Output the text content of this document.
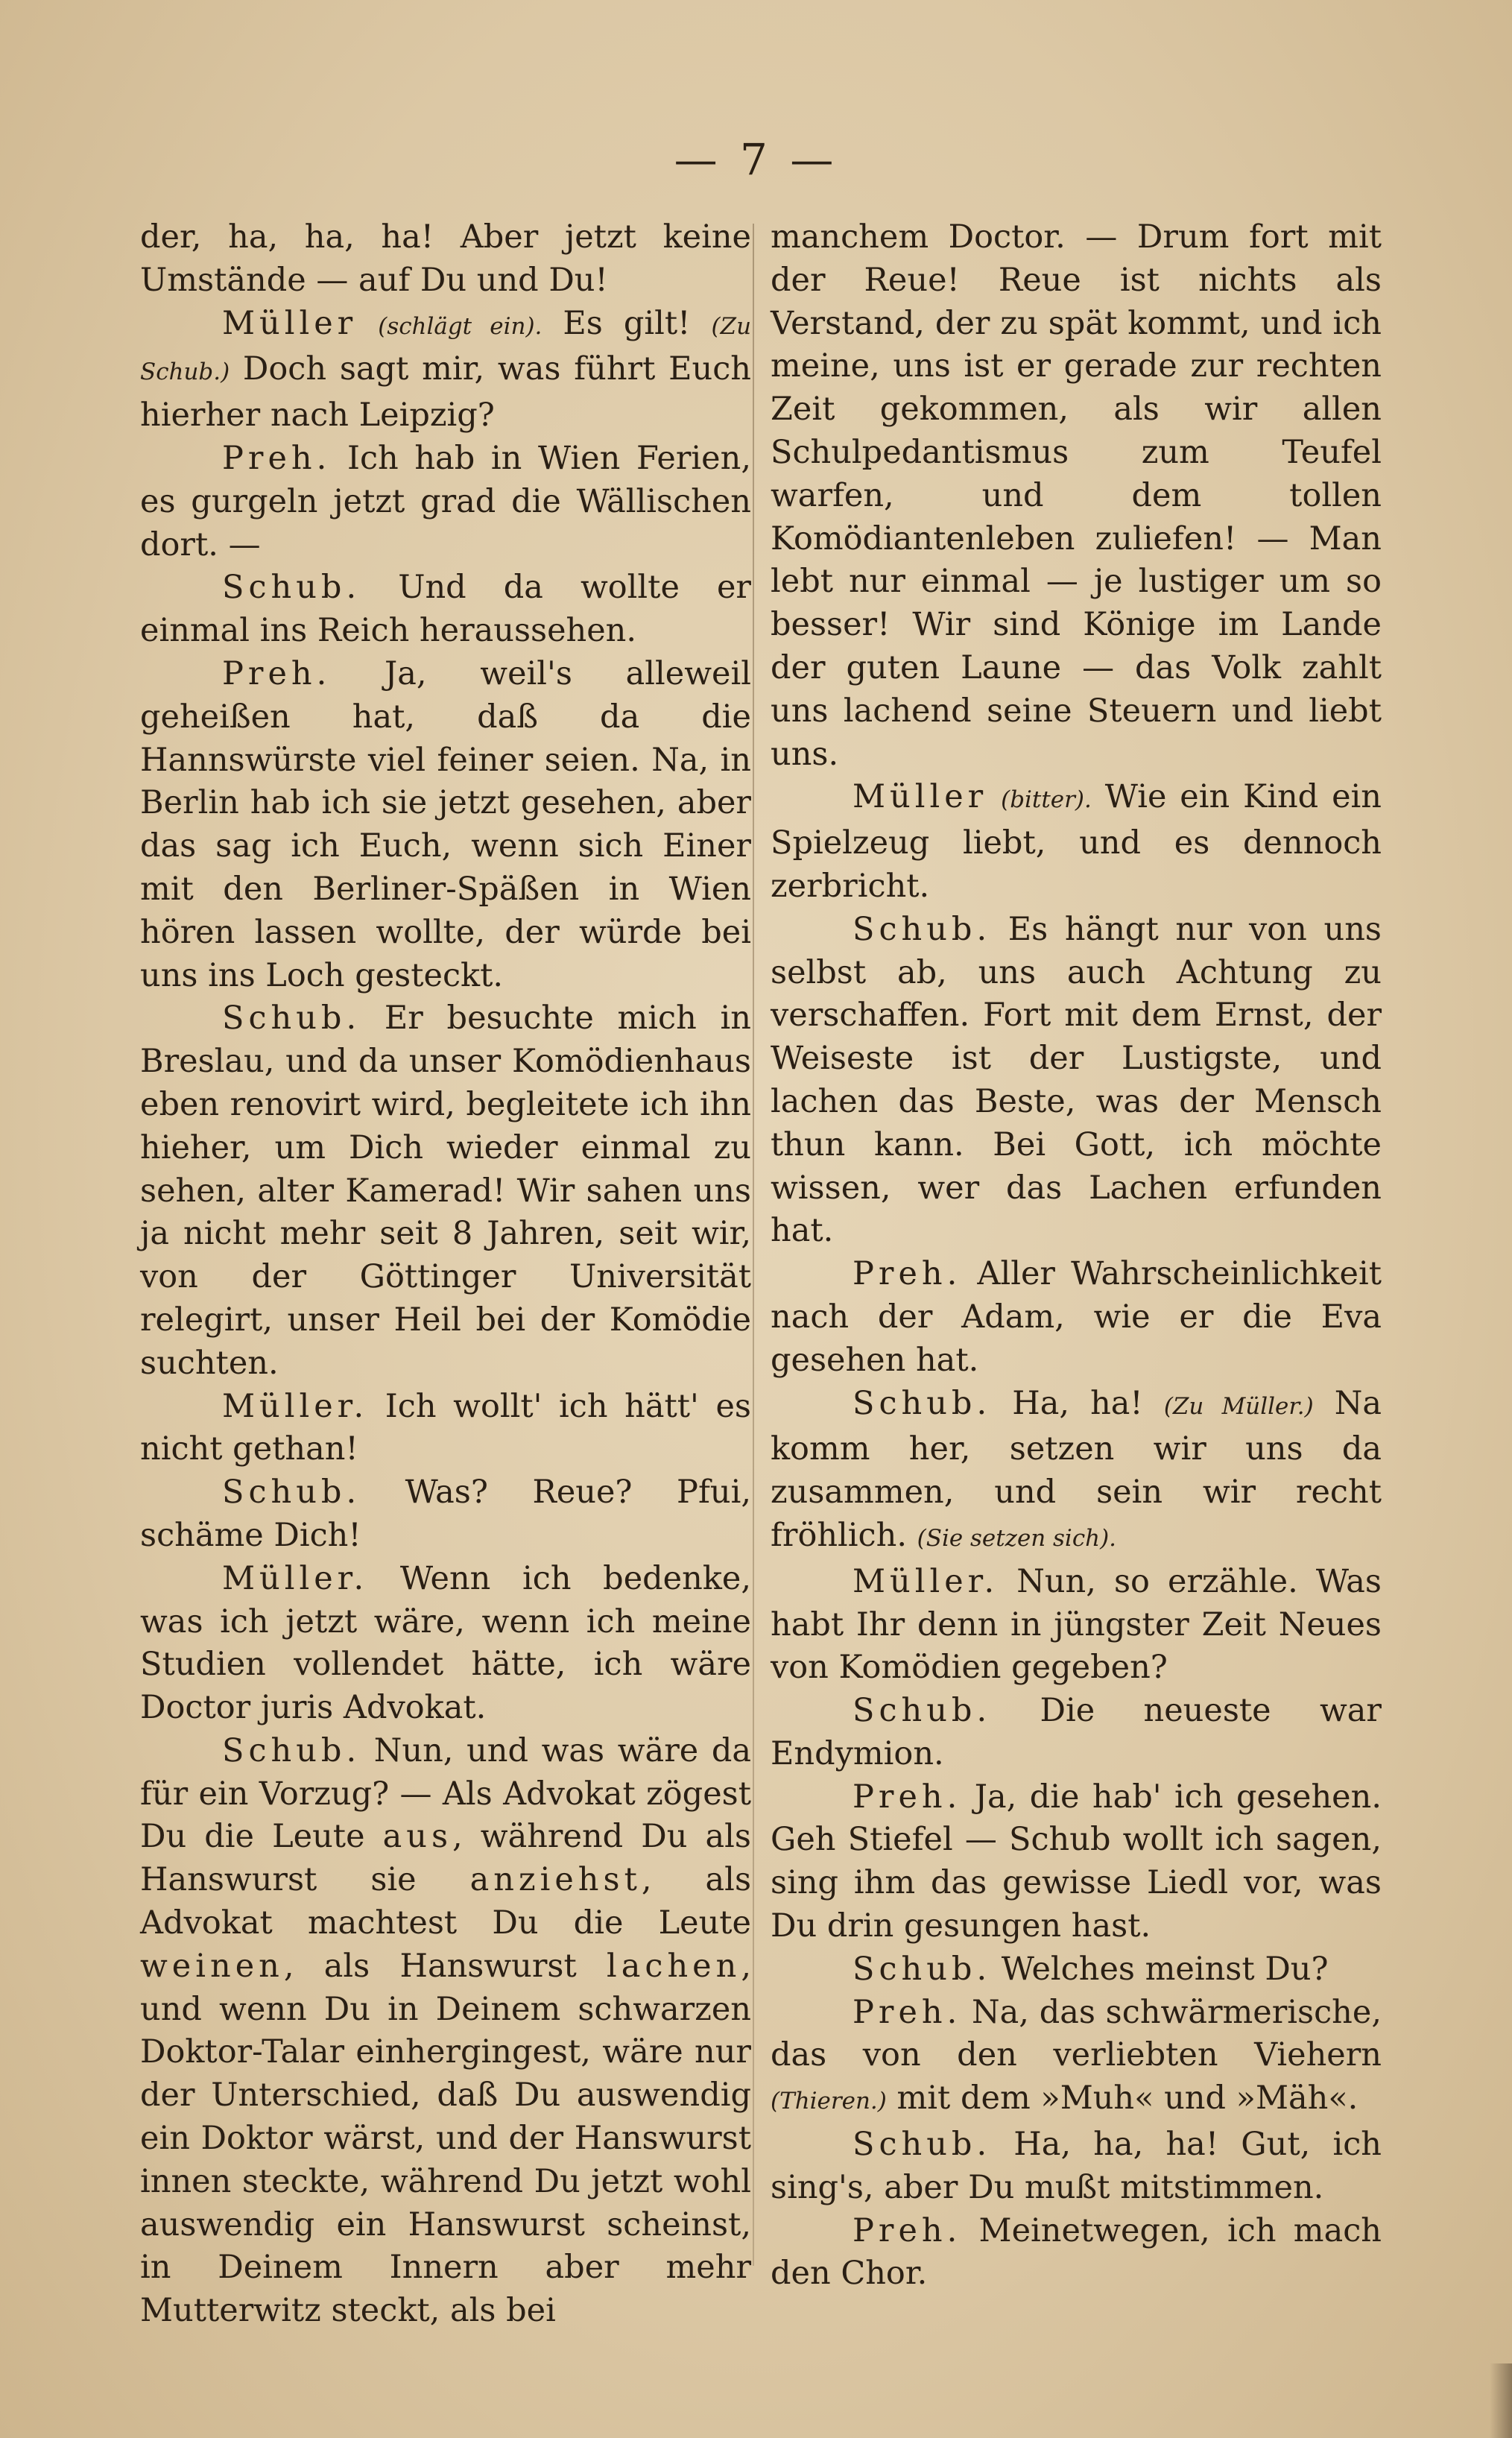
— 7 —

der, ha, ha, ha! Aber jetzt keine Umstände — auf Du und Du!

Müller (schlägt ein). Es gilt! (Zu Schub.) Doch sagt mir, was führt Euch hierher nach Leipzig?

Preh. Ich hab in Wien Ferien, es gurgeln jetzt grad die Wällischen dort. —

Schub. Und da wollte er einmal ins Reich heraussehen.

Preh. Ja, weil's alleweil geheißen hat, daß da die Hannswürste viel feiner seien. Na, in Berlin hab ich sie jetzt gesehen, aber das sag ich Euch, wenn sich Einer mit den Berliner-Späßen in Wien hören lassen wollte, der würde bei uns ins Loch gesteckt.

Schub. Er besuchte mich in Breslau, und da unser Komödienhaus eben renovirt wird, begleitete ich ihn hieher, um Dich wieder einmal zu sehen, alter Kamerad! Wir sahen uns ja nicht mehr seit 8 Jahren, seit wir, von der Göttinger Universität relegirt, unser Heil bei der Komödie suchten.

Müller. Ich wollt' ich hätt' es nicht gethan!

Schub. Was? Reue? Pfui, schäme Dich!

Müller. Wenn ich bedenke, was ich jetzt wäre, wenn ich meine Studien vollendet hätte, ich wäre Doctor juris Advokat.

Schub. Nun, und was wäre da für ein Vorzug? — Als Advokat zögest Du die Leute aus, während Du als Hanswurst sie anziehst, als Advokat machtest Du die Leute weinen, als Hanswurst lachen, und wenn Du in Deinem schwarzen Doktor-Talar einhergingest, wäre nur der Unterschied, daß Du auswendig ein Doktor wärst, und der Hanswurst innen steckte, während Du jetzt wohl auswendig ein Hanswurst scheinst, in Deinem Innern aber mehr Mutterwitz steckt, als bei

manchem Doctor. — Drum fort mit der Reue! Reue ist nichts als Verstand, der zu spät kommt, und ich meine, uns ist er gerade zur rechten Zeit gekommen, als wir allen Schulpedantismus zum Teufel warfen, und dem tollen Komödiantenleben zuliefen! — Man lebt nur einmal — je lustiger um so besser! Wir sind Könige im Lande der guten Laune — das Volk zahlt uns lachend seine Steuern und liebt uns.

Müller (bitter). Wie ein Kind ein Spielzeug liebt, und es dennoch zerbricht.

Schub. Es hängt nur von uns selbst ab, uns auch Achtung zu verschaffen. Fort mit dem Ernst, der Weiseste ist der Lustigste, und lachen das Beste, was der Mensch thun kann. Bei Gott, ich möchte wissen, wer das Lachen erfunden hat.

Preh. Aller Wahrscheinlichkeit nach der Adam, wie er die Eva gesehen hat.

Schub. Ha, ha! (Zu Müller.) Na komm her, setzen wir uns da zusammen, und sein wir recht fröhlich. (Sie setzen sich).

Müller. Nun, so erzähle. Was habt Ihr denn in jüngster Zeit Neues von Komödien gegeben?

Schub. Die neueste war Endymion.

Preh. Ja, die hab' ich gesehen. Geh Stiefel — Schub wollt ich sagen, sing ihm das gewisse Liedl vor, was Du drin gesungen hast.

Schub. Welches meinst Du?

Preh. Na, das schwärmerische, das von den verliebten Viehern (Thieren.) mit dem »Muh« und »Mäh«.

Schub. Ha, ha, ha! Gut, ich sing's, aber Du mußt mitstimmen.

Preh. Meinetwegen, ich mach den Chor.
